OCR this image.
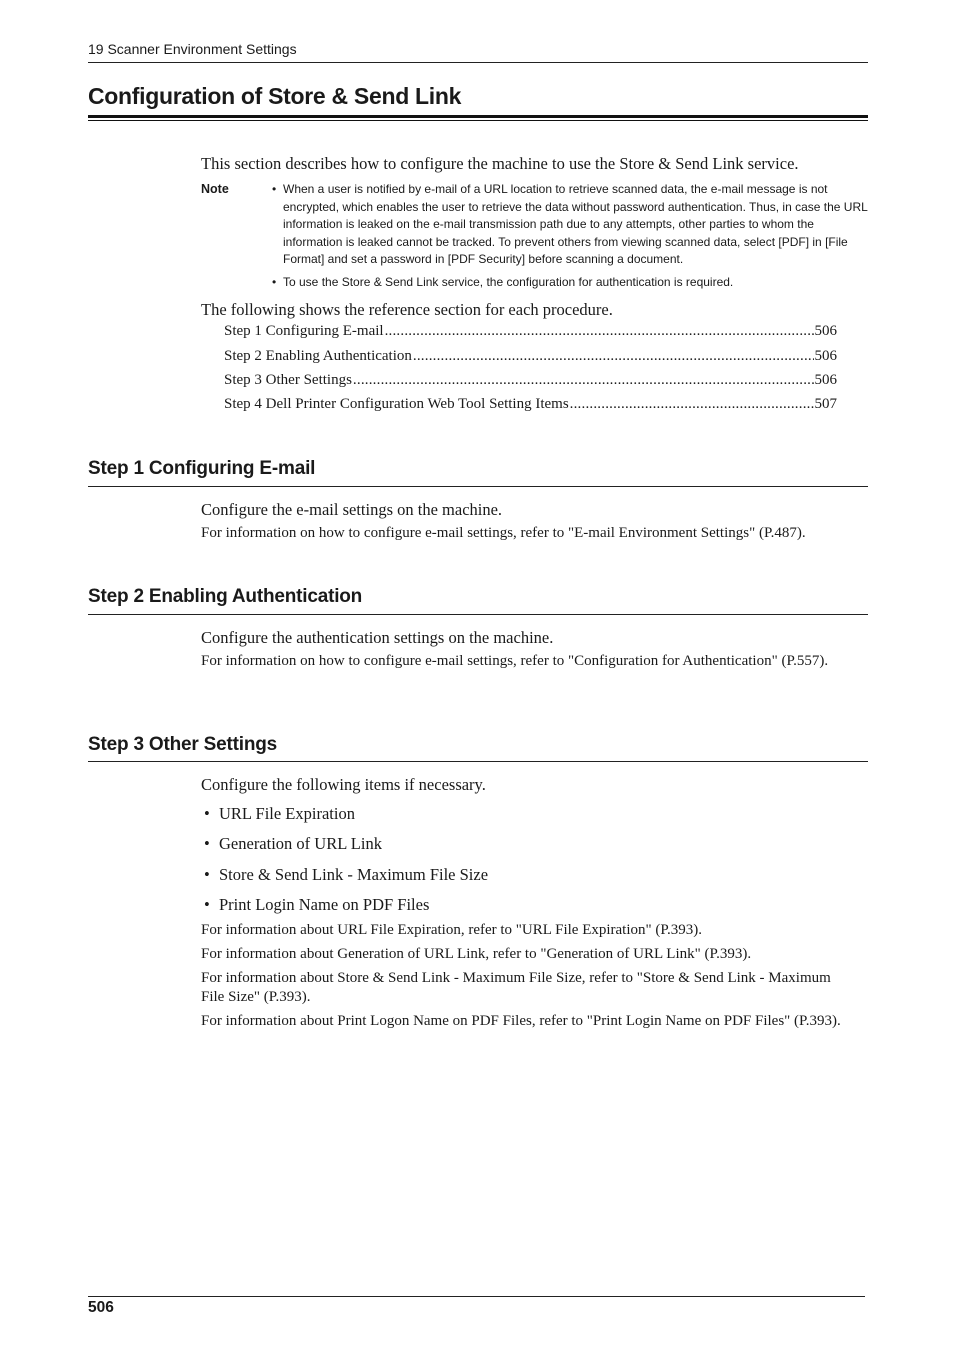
19 Scanner Environment Settings
Configuration of Store & Send Link
This section describes how to configure the machine to use the Store & Send Link service.
Note	• When a user is notified by e-mail of a URL location to retrieve scanned data, the e-mail message is not encrypted, which enables the user to retrieve the data without password authentication. Thus, in case the URL information is leaked on the e-mail transmission path due to any attempts, other parties to whom the information is leaked cannot be tracked. To prevent others from viewing scanned data, select [PDF] in [File Format] and set a password in [PDF Security] before scanning a document.
• To use the Store & Send Link service, the configuration for authentication is required.
The following shows the reference section for each procedure.
Step 1 Configuring E-mail .....	506
Step 2 Enabling Authentication .....	506
Step 3 Other Settings .....	506
Step 4 Dell Printer Configuration Web Tool Setting Items .....	507
Step 1 Configuring E-mail
Configure the e-mail settings on the machine.
For information on how to configure e-mail settings, refer to "E-mail Environment Settings" (P.487).
Step 2 Enabling Authentication
Configure the authentication settings on the machine.
For information on how to configure e-mail settings, refer to "Configuration for Authentication" (P.557).
Step 3 Other Settings
Configure the following items if necessary.
• URL File Expiration
• Generation of URL Link
• Store & Send Link - Maximum File Size
• Print Login Name on PDF Files
For information about URL File Expiration, refer to "URL File Expiration" (P.393).
For information about Generation of URL Link, refer to "Generation of URL Link" (P.393).
For information about Store & Send Link - Maximum File Size, refer to "Store & Send Link - Maximum File Size" (P.393).
For information about Print Logon Name on PDF Files, refer to "Print Login Name on PDF Files" (P.393).
506
